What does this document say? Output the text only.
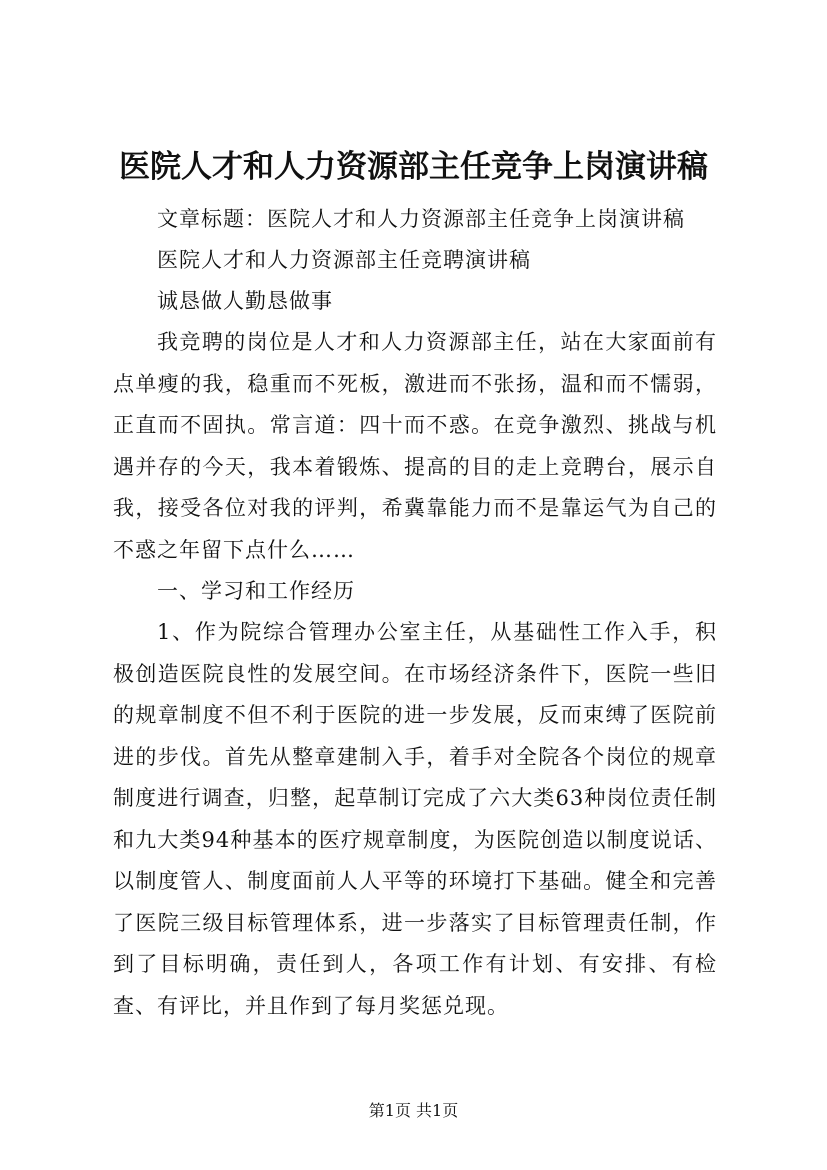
医院人才和人力资源部主任竞争上岗演讲稿

文章标题：医院人才和人力资源部主任竞争上岗演讲稿

医院人才和人力资源部主任竞聘演讲稿

诚恳做人勤恳做事

我竞聘的岗位是人才和人力资源部主任，站在大家面前有点单瘦的我，稳重而不死板，激进而不张扬，温和而不懦弱，正直而不固执。常言道：四十而不惑。在竞争激烈、挑战与机遇并存的今天，我本着锻炼、提高的目的走上竞聘台，展示自我，接受各位对我的评判，希冀靠能力而不是靠运气为自己的不惑之年留下点什么……

一、学习和工作经历

1、作为院综合管理办公室主任，从基础性工作入手，积极创造医院良性的发展空间。在市场经济条件下，医院一些旧的规章制度不但不利于医院的进一步发展，反而束缚了医院前进的步伐。首先从整章建制入手，着手对全院各个岗位的规章制度进行调查，归整，起草制订完成了六大类63种岗位责任制和九大类94种基本的医疗规章制度，为医院创造以制度说话、以制度管人、制度面前人人平等的环境打下基础。健全和完善了医院三级目标管理体系，进一步落实了目标管理责任制，作到了目标明确，责任到人，各项工作有计划、有安排、有检查、有评比，并且作到了每月奖惩兑现。

第1页 共1页
